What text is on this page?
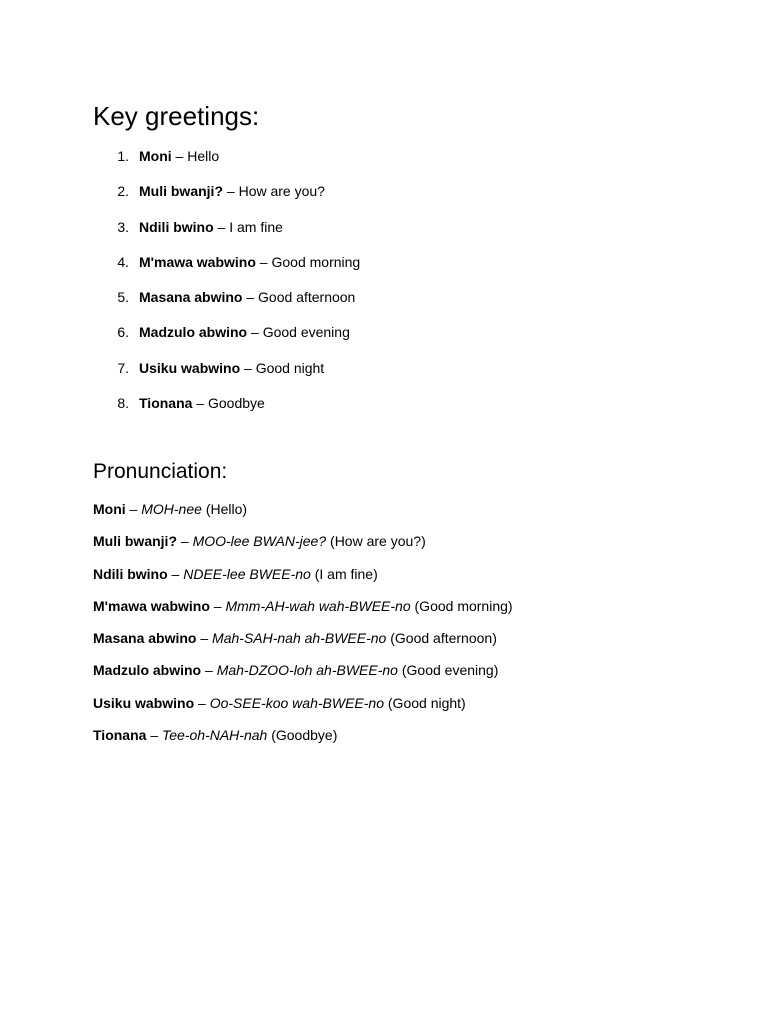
Key greetings:
1 . Moni – Hello
2 . Muli bwanji? – How are you?
3 . Ndili bwino – I am fine
4 . M'mawa wabwino – Good morning
5 . Masana abwino – Good afternoon
6 . Madzulo abwino – Good evening
7 . Usiku wabwino – Good night
8 . Tionana – Goodbye
Pronunciation:
Moni – MOH-nee (Hello)
Muli bwanji? – MOO-lee BWAN-jee? (How are you?)
Ndili bwino – NDEE-lee BWEE-no (I am fine)
M'mawa wabwino – Mmm-AH-wah wah-BWEE-no (Good morning)
Masana abwino – Mah-SAH-nah ah-BWEE-no (Good afternoon)
Madzulo abwino – Mah-DZOO-loh ah-BWEE-no (Good evening)
Usiku wabwino – Oo-SEE-koo wah-BWEE-no (Good night)
Tionana – Tee-oh-NAH-nah (Goodbye)
